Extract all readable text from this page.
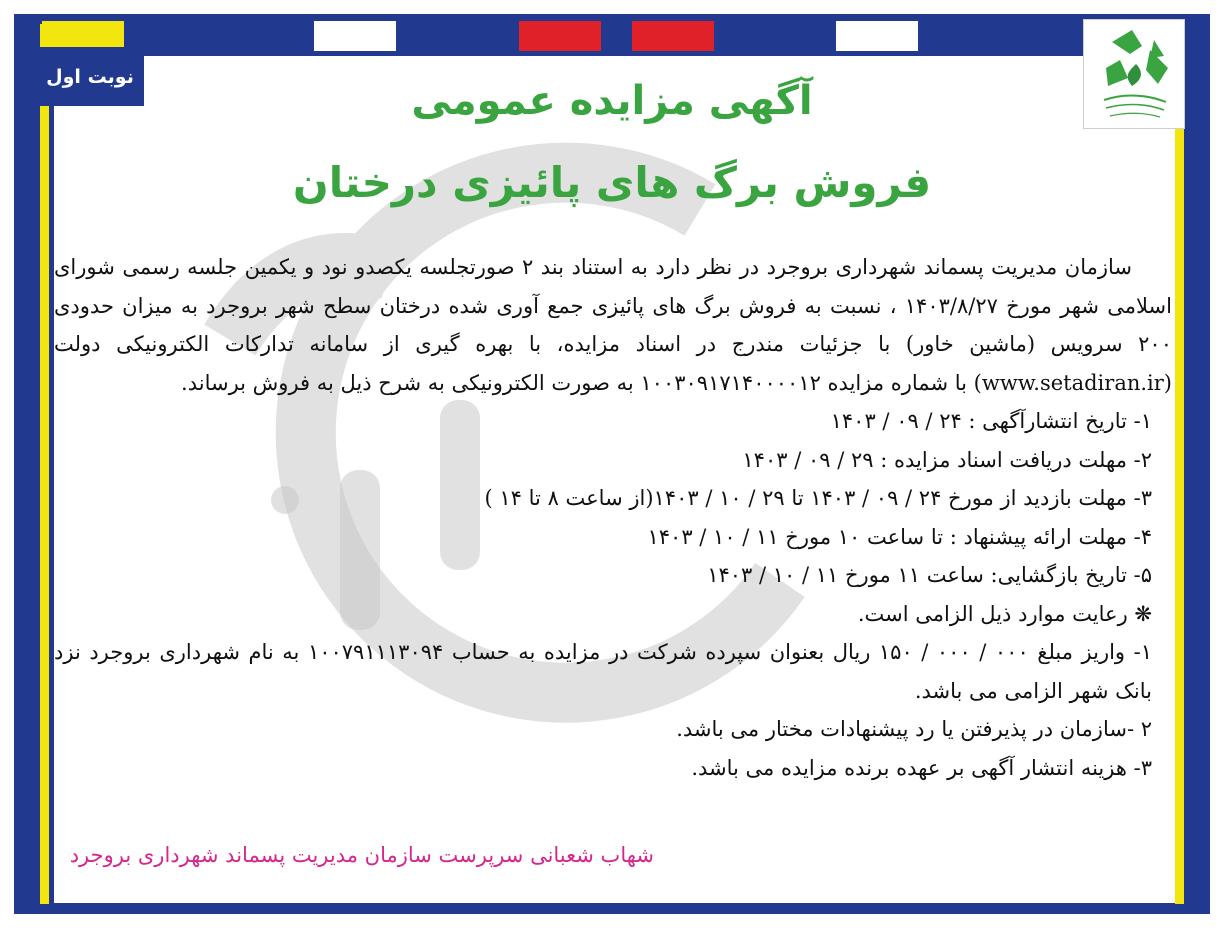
نوبت اول
آگهی مزایده عمومی
فروش برگ های پائیزی درختان

سازمان مدیریت پسماند شهرداری بروجرد در نظر دارد به استناد بند ۲ صورتجلسه یکصدو نود و یکمین جلسه رسمی شورای اسلامی شهر مورخ ۱۴۰۳/۸/۲۷ ، نسبت به فروش برگ های پائیزی جمع آوری شده درختان سطح شهر بروجرد به میزان حدودی ۲۰۰ سرویس (ماشین خاور) با جزئیات مندرج در اسناد مزایده، با بهره گیری از سامانه تدارکات الکترونیکی دولت (www.setadiran.ir) با شماره مزایده ۱۰۰۳۰۹۱۷۱۴۰۰۰۰۱۲ به صورت الکترونیکی به شرح ذیل به فروش برساند.

۱- تاریخ انتشارآگهی : ۲۴ / ۰۹ / ۱۴۰۳

۲- مهلت دریافت اسناد مزایده : ۲۹ / ۰۹ / ۱۴۰۳

۳- مهلت بازدید از مورخ ۲۴ / ۰۹ / ۱۴۰۳ تا ۲۹ / ۱۰ / ۱۴۰۳(از ساعت ۸ تا ۱۴ )

۴- مهلت ارائه پیشنهاد : تا ساعت ۱۰ مورخ ۱۱ / ۱۰ / ۱۴۰۳

۵- تاریخ بازگشایی: ساعت ۱۱ مورخ ۱۱ / ۱۰ / ۱۴۰۳

❋ رعایت موارد ذیل الزامی است.

۱- واریز مبلغ ۰۰۰ / ۰۰۰ / ۱۵۰ ریال بعنوان سپرده شرکت در مزایده به حساب ۱۰۰۷۹۱۱۱۳۰۹۴ به نام شهرداری بروجرد نزد بانک شهر الزامی می باشد.

۲ -سازمان در پذیرفتن یا رد پیشنهادات مختار می باشد.

۳- هزینه انتشار آگهی بر عهده برنده مزایده می باشد.

شهاب شعبانی سرپرست سازمان مدیریت پسماند شهرداری بروجرد
